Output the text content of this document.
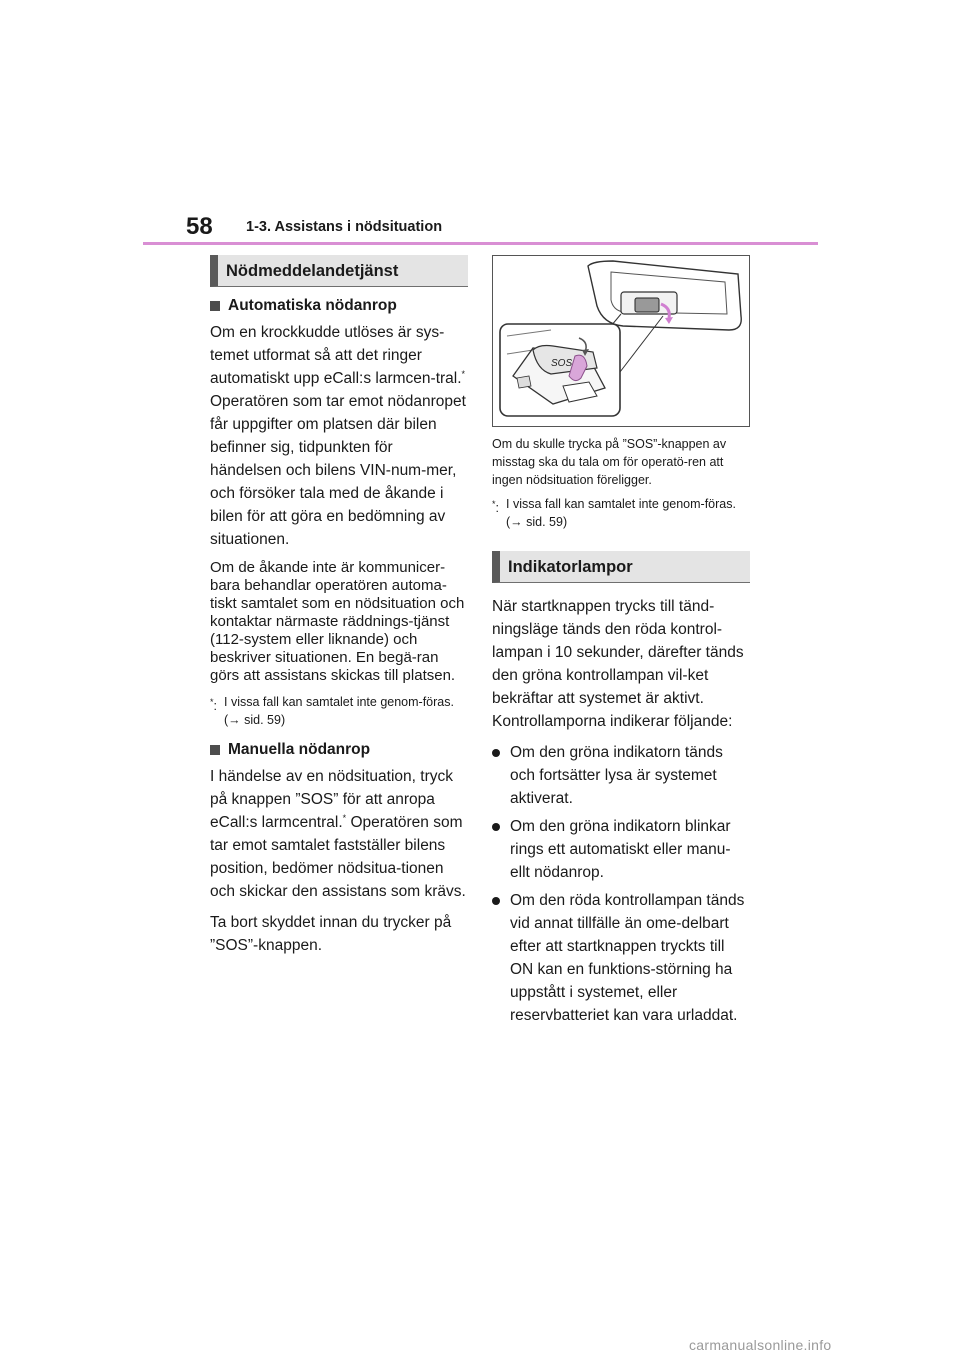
58 1-3. Assistans i nödsituation
Nödmeddelandetjänst
Automatiska nödanrop

Om en krockkudde utlöses är sys-temet utformat så att det ringer automatiskt upp eCall:s larmcen-tral.* Operatören som tar emot nödanropet får uppgifter om platsen där bilen befinner sig, tidpunkten för händelsen och bilens VIN-num-mer, och försöker tala med de åkande i bilen för att göra en bedömning av situationen.

Om de åkande inte är kommunicer-bara behandlar operatören automa-tiskt samtalet som en nödsituation och kontaktar närmaste räddnings-tjänst (112-system eller liknande) och beskriver situationen. En begä-ran görs att assistans skickas till platsen.

*: I vissa fall kan samtalet inte genom-föras. (→ sid. 59)
Manuella nödanrop

I händelse av en nödsituation, tryck på knappen ”SOS” för att anropa eCall:s larmcentral.* Operatören som tar emot samtalet fastställer bilens position, bedömer nödsitua-tionen och skickar den assistans som krävs.

Ta bort skyddet innan du trycker på ”SOS”-knappen.

SOS

Om du skulle trycka på ”SOS”-knappen av misstag ska du tala om för operatö-ren att ingen nödsituation föreligger.

*: I vissa fall kan samtalet inte genom-föras. (→ sid. 59)
Indikatorlampor

När startknappen trycks till tänd-ningsläge tänds den röda kontrol-lampan i 10 sekunder, därefter tänds den gröna kontrollampan vil-ket bekräftar att systemet är aktivt. Kontrollamporna indikerar följande:

Om den gröna indikatorn tänds och fortsätter lysa är systemet aktiverat.
Om den gröna indikatorn blinkar rings ett automatiskt eller manu-ellt nödanrop.
Om den röda kontrollampan tänds vid annat tillfälle än ome-delbart efter att startknappen tryckts till ON kan en funktions-störning ha uppstått i systemet, eller reservbatteriet kan vara urladdat.
carmanualsonline.info
